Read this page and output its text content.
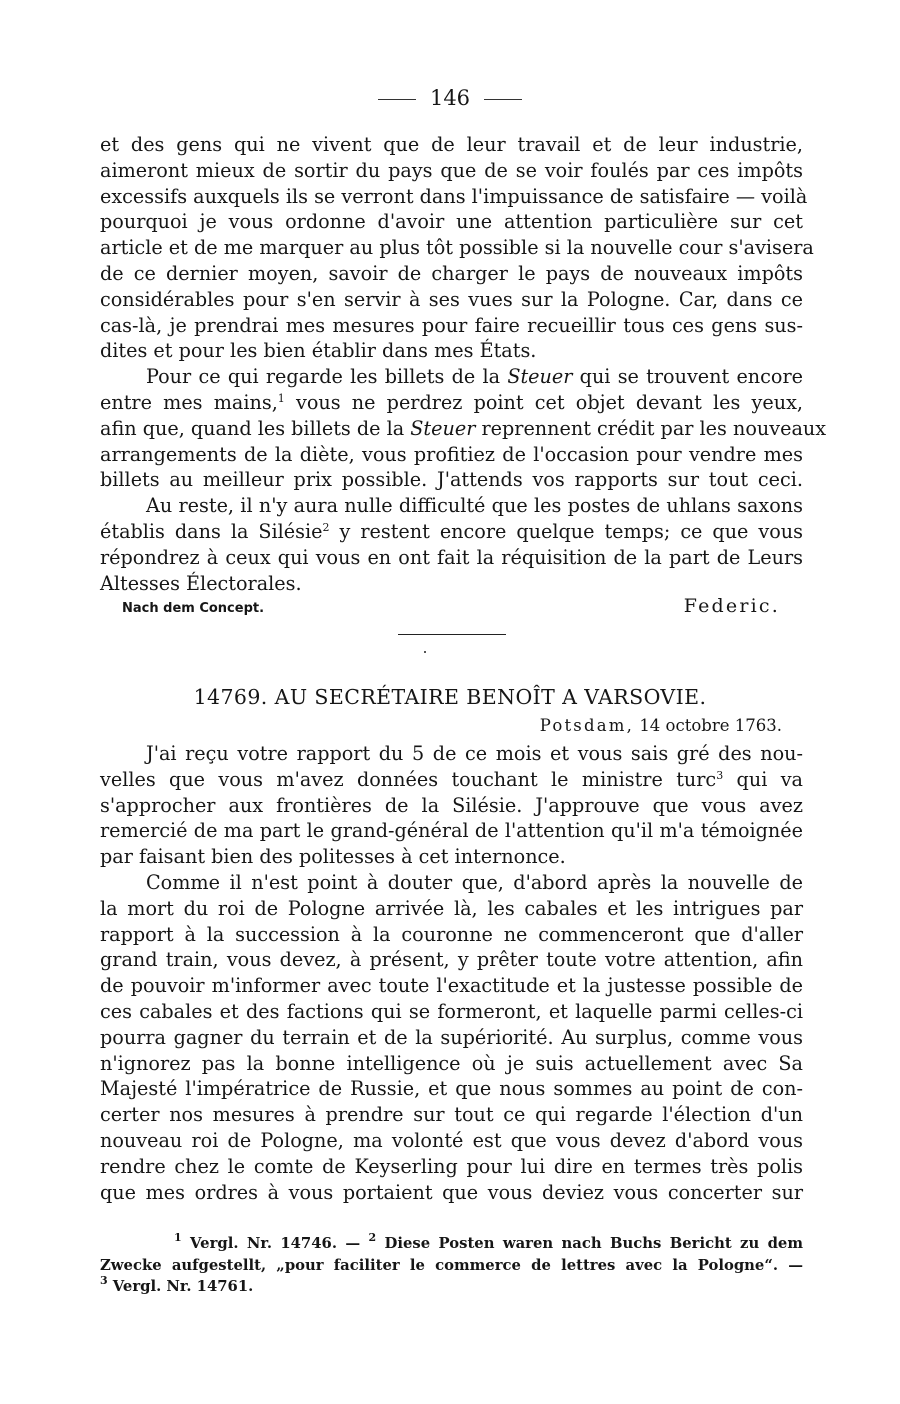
146
et des gens qui ne vivent que de leur travail et de leur industrie,
aimeront mieux de sortir du pays que de se voir foulés par ces impôts
excessifs auxquels ils se verront dans l'impuissance de satisfaire — voilà
pourquoi je vous ordonne d'avoir une attention particulière sur cet
article et de me marquer au plus tôt possible si la nouvelle cour s'avisera
de ce dernier moyen, savoir de charger le pays de nouveaux impôts
considérables pour s'en servir à ses vues sur la Pologne. Car, dans ce
cas-là, je prendrai mes mesures pour faire recueillir tous ces gens sus-
dites et pour les bien établir dans mes États.
Pour ce qui regarde les billets de la Steuer qui se trouvent encore
entre mes mains,$^1$ vous ne perdrez point cet objet devant les yeux,
afin que, quand les billets de la Steuer reprennent crédit par les nouveaux
arrangements de la diète, vous profitiez de l'occasion pour vendre mes
billets au meilleur prix possible. J'attends vos rapports sur tout ceci.
Au reste, il n'y aura nulle difficulté que les postes de uhlans saxons
établis dans la Silésie$^2$ y restent encore quelque temps; ce que vous
répondrez à ceux qui vous en ont fait la réquisition de la part de Leurs
Altesses Électorales.
Nach dem Concept.	Federic.
14769. AU SECRÉTAIRE BENOÎT A VARSOVIE.
Potsdam, 14 octobre 1763.
J'ai reçu votre rapport du 5 de ce mois et vous sais gré des nou-
velles que vous m'avez données touchant le ministre turc$^3$ qui va
s'approcher aux frontières de la Silésie. J'approuve que vous avez
remercié de ma part le grand-général de l'attention qu'il m'a témoignée
par faisant bien des politesses à cet internonce.
Comme il n'est point à douter que, d'abord après la nouvelle de
la mort du roi de Pologne arrivée là, les cabales et les intrigues par
rapport à la succession à la couronne ne commenceront que d'aller
grand train, vous devez, à présent, y prêter toute votre attention, afin
de pouvoir m'informer avec toute l'exactitude et la justesse possible de
ces cabales et des factions qui se formeront, et laquelle parmi celles-ci
pourra gagner du terrain et de la supériorité. Au surplus, comme vous
n'ignorez pas la bonne intelligence où je suis actuellement avec Sa
Majesté l'impératrice de Russie, et que nous sommes au point de con-
certer nos mesures à prendre sur tout ce qui regarde l'élection d'un
nouveau roi de Pologne, ma volonté est que vous devez d'abord vous
rendre chez le comte de Keyserling pour lui dire en termes très polis
que mes ordres à vous portaient que vous deviez vous concerter sur
$^1$ Vergl. Nr. 14746. — $^2$ Diese Posten waren nach Buchs Bericht zu dem
Zwecke aufgestellt, „pour faciliter le commerce de lettres avec la Pologne“. —
$^3$ Vergl. Nr. 14761.
